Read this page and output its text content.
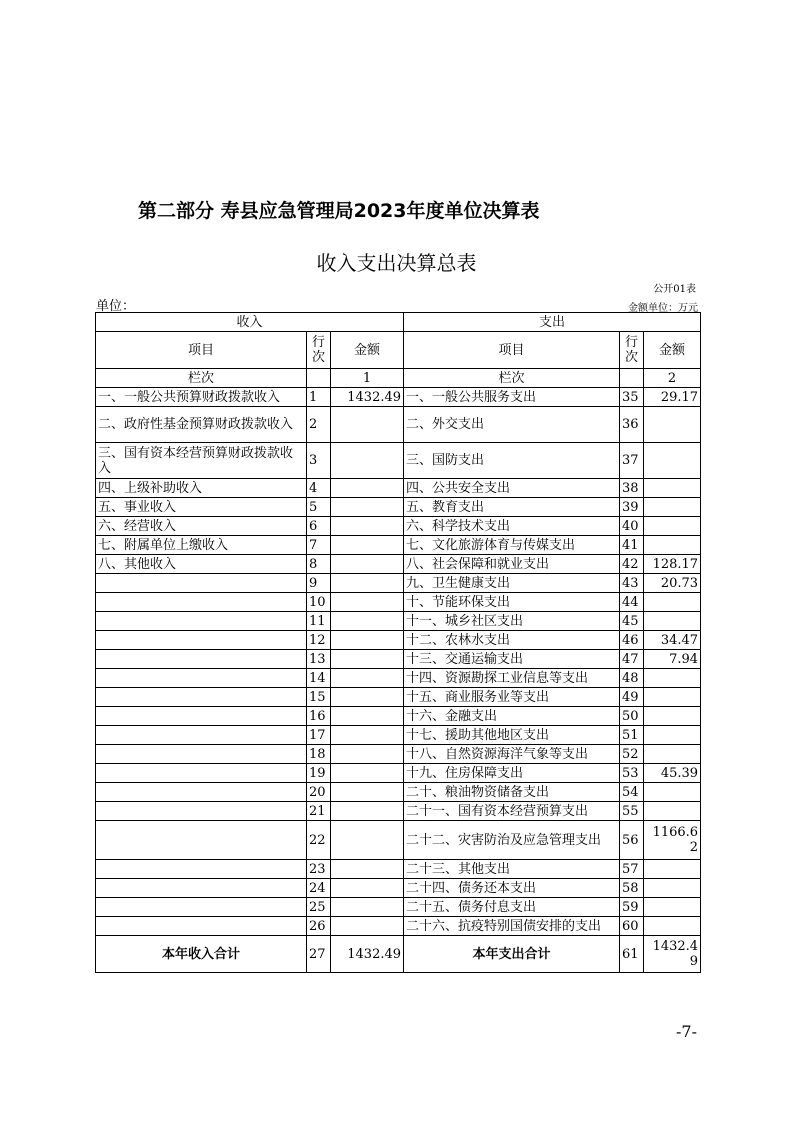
第二部分 寿县应急管理局2023年度单位决算表
收入支出决算总表
公开01表
单位：	金额单位：万元
收入			支出		
项目	行次	金额	项目	行次	金额
栏次		1	栏次		2
一、一般公共预算财政拨款收入	1	1432.49	一、一般公共服务支出	35	29.17
二、政府性基金预算财政拨款收入	2		二、外交支出	36	
三、国有资本经营预算财政拨款收入	3		三、国防支出	37	
四、上级补助收入	4		四、公共安全支出	38	
五、事业收入	5		五、教育支出	39	
六、经营收入	6		六、科学技术支出	40	
七、附属单位上缴收入	7		七、文化旅游体育与传媒支出	41	
八、其他收入	8		八、社会保障和就业支出	42	128.17
	9		九、卫生健康支出	43	20.73
	10		十、节能环保支出	44	
	11		十一、城乡社区支出	45	
	12		十二、农林水支出	46	34.47
	13		十三、交通运输支出	47	7.94
	14		十四、资源勘探工业信息等支出	48	
	15		十五、商业服务业等支出	49	
	16		十六、金融支出	50	
	17		十七、援助其他地区支出	51	
	18		十八、自然资源海洋气象等支出	52	
	19		十九、住房保障支出	53	45.39
	20		二十、粮油物资储备支出	54	
	21		二十一、国有资本经营预算支出	55	
	22		二十二、灾害防治及应急管理支出	56	1166.62
	23		二十三、其他支出	57	
	24		二十四、债务还本支出	58	
	25		二十五、债务付息支出	59	
	26		二十六、抗疫特别国债安排的支出	60	
本年收入合计	27	1432.49	本年支出合计	61	1432.49
-7-
